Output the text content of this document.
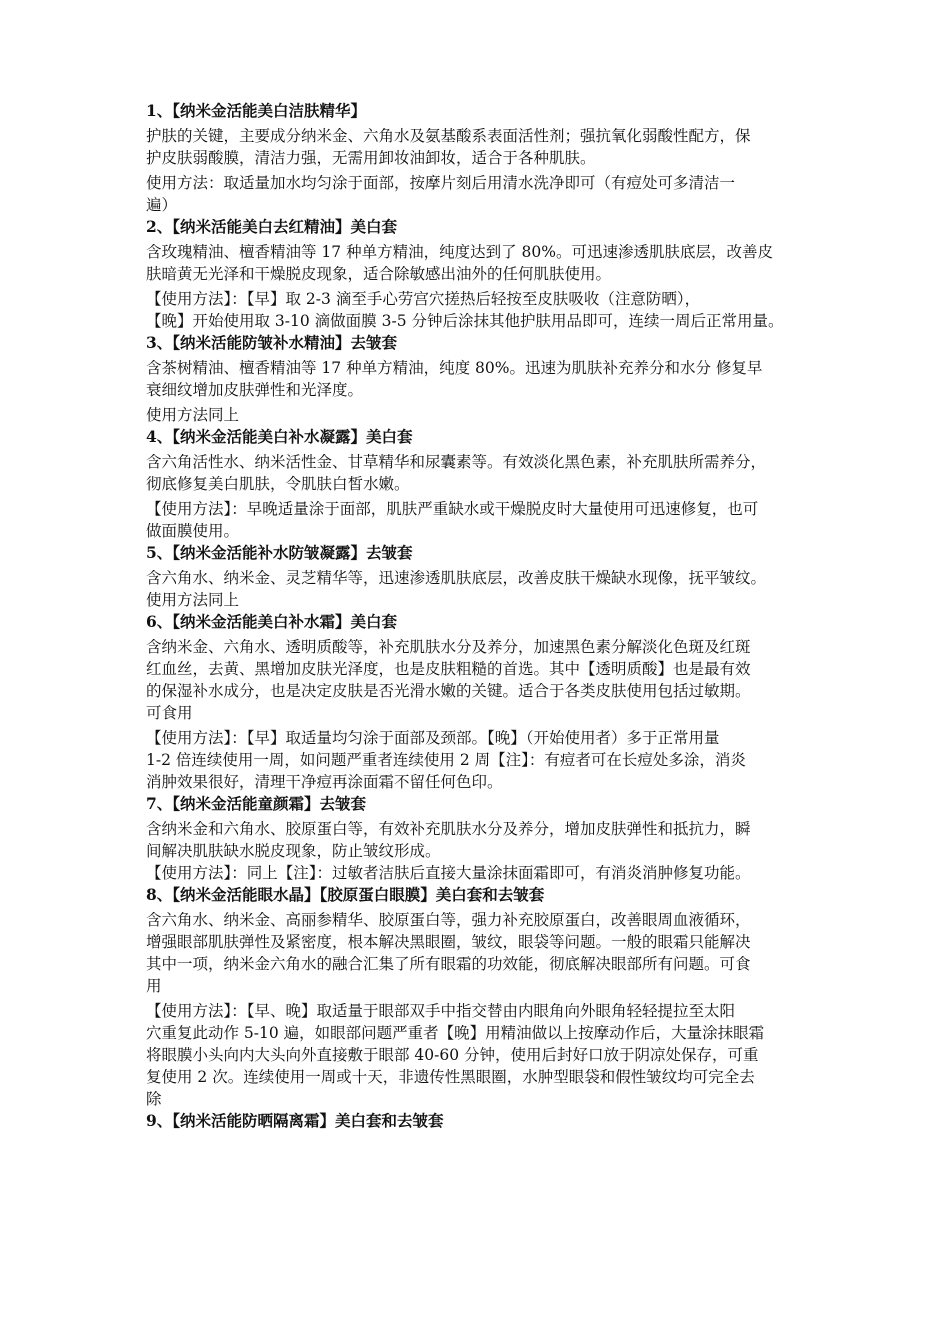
1、【纳米金活能美白洁肤精华】
护肤的关键，主要成分纳米金、六角水及氨基酸系表面活性剂；强抗氧化弱酸性配方，保
护皮肤弱酸膜，清洁力强，无需用卸妆油卸妆，适合于各种肌肤。
使用方法：取适量加水均匀涂于面部，按摩片刻后用清水洗净即可（有痘处可多清洁一
遍）
2、【纳米活能美白去红精油】美白套
含玫瑰精油、檀香精油等 17 种单方精油，纯度达到了 80%。可迅速渗透肌肤底层，改善皮
肤暗黄无光泽和干燥脱皮现象，适合除敏感出油外的任何肌肤使用。
【使用方法】：【早】取 2-3 滴至手心劳宫穴搓热后轻按至皮肤吸收（注意防晒），
【晚】开始使用取 3-10 滴做面膜 3-5 分钟后涂抹其他护肤用品即可，连续一周后正常用量。
3、【纳米活能防皱补水精油】去皱套
含茶树精油、檀香精油等 17 种单方精油，纯度 80%。迅速为肌肤补充养分和水分 修复早
衰细纹增加皮肤弹性和光泽度。
使用方法同上
4、【纳米金活能美白补水凝露】美白套
含六角活性水、纳米活性金、甘草精华和尿囊素等。有效淡化黑色素，补充肌肤所需养分，
彻底修复美白肌肤，令肌肤白皙水嫩。
【使用方法】：早晚适量涂于面部，肌肤严重缺水或干燥脱皮时大量使用可迅速修复，也可
做面膜使用。
5、【纳米金活能补水防皱凝露】去皱套
含六角水、纳米金、灵芝精华等，迅速渗透肌肤底层，改善皮肤干燥缺水现像，抚平皱纹。
使用方法同上
6、【纳米金活能美白补水霜】美白套
含纳米金、六角水、透明质酸等，补充肌肤水分及养分，加速黑色素分解淡化色斑及红斑
红血丝，去黄、黑增加皮肤光泽度，也是皮肤粗糙的首选。其中【透明质酸】也是最有效
的保湿补水成分，也是决定皮肤是否光滑水嫩的关键。适合于各类皮肤使用包括过敏期。
可食用
【使用方法】：【早】取适量均匀涂于面部及颈部。【晚】（开始使用者）多于正常用量
1-2 倍连续使用一周，如问题严重者连续使用 2 周【注】：有痘者可在长痘处多涂，消炎
消肿效果很好，清理干净痘再涂面霜不留任何色印。
7、【纳米金活能童颜霜】去皱套
含纳米金和六角水、胶原蛋白等，有效补充肌肤水分及养分，增加皮肤弹性和抵抗力，瞬
间解决肌肤缺水脱皮现象，防止皱纹形成。
【使用方法】：同上【注】：过敏者洁肤后直接大量涂抹面霜即可，有消炎消肿修复功能。
8、【纳米金活能眼水晶】【胶原蛋白眼膜】美白套和去皱套
含六角水、纳米金、高丽参精华、胶原蛋白等，强力补充胶原蛋白，改善眼周血液循环，
增强眼部肌肤弹性及紧密度，根本解决黑眼圈，皱纹，眼袋等问题。一般的眼霜只能解决
其中一项，纳米金六角水的融合汇集了所有眼霜的功效能，彻底解决眼部所有问题。可食
用
【使用方法】：【早、晚】取适量于眼部双手中指交替由内眼角向外眼角轻轻提拉至太阳
穴重复此动作 5-10 遍，如眼部问题严重者【晚】用精油做以上按摩动作后，大量涂抹眼霜
将眼膜小头向内大头向外直接敷于眼部 40-60 分钟，使用后封好口放于阴凉处保存，可重
复使用 2 次。连续使用一周或十天，非遗传性黑眼圈，水肿型眼袋和假性皱纹均可完全去
除
9、【纳米活能防晒隔离霜】美白套和去皱套
